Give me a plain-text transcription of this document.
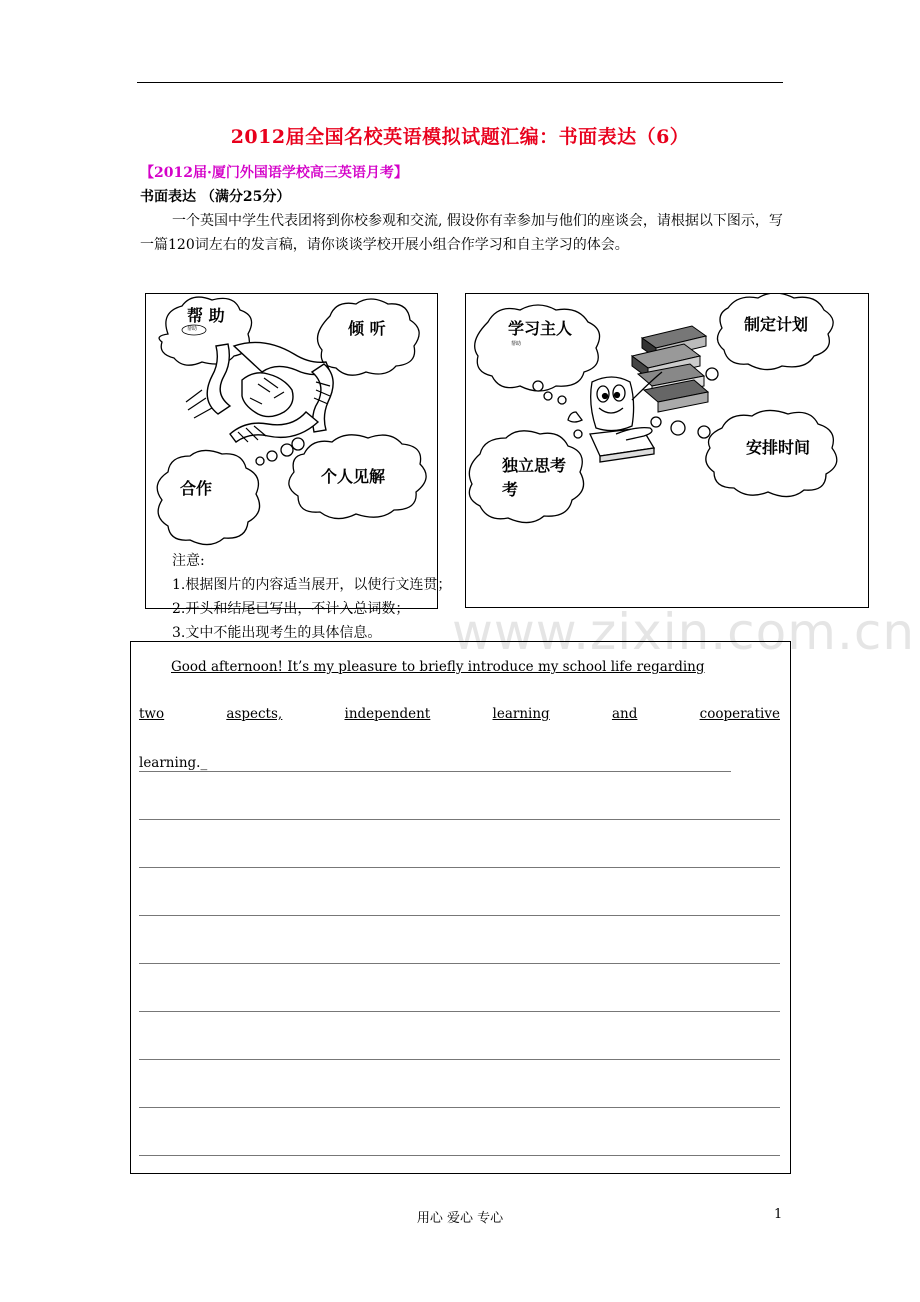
2012届全国名校英语模拟试题汇编：书面表达（6）
【2012届·厦门外国语学校高三英语月考】
书面表达 （满分25分）
一个英国中学生代表团将到你校参观和交流, 假设你有幸参加与他们的座谈会，请根据以下图示，写一篇120词左右的发言稿，请你谈谈学校开展小组合作学习和自主学习的体会。
帮 助
倾 听
合作
个人见解
帮助	学习主人	制定计划
独立思考
考
安排时间
帮助
注意:
1.根据图片的内容适当展开，以使行文连贯；
2.开头和结尾已写出，不计入总词数；
3.文中不能出现考生的具体信息。	www.zixin.com.cn
Good afternoon! It’s my pleasure to briefly introduce my school life regarding
two	aspects,	independent	learning	and	cooperative
learning._
用心 爱心 专心	1
